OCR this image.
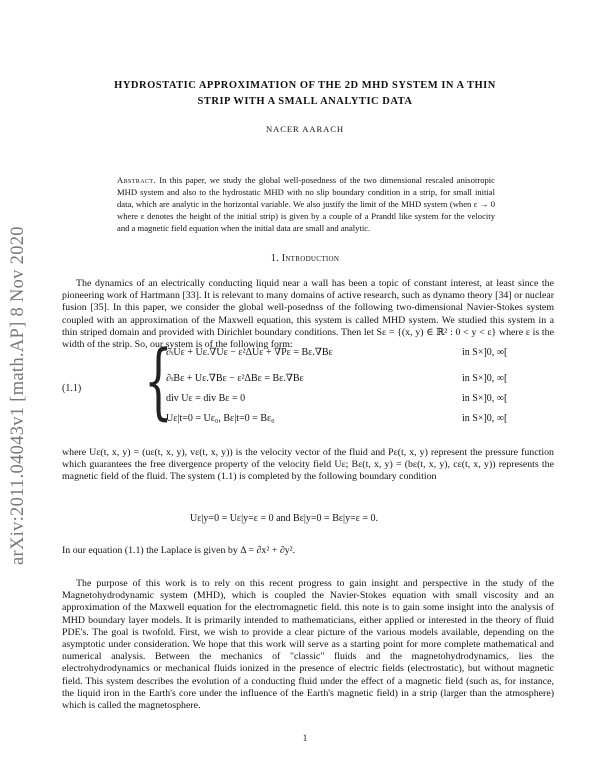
arXiv:2011.04043v1 [math.AP] 8 Nov 2020
HYDROSTATIC APPROXIMATION OF THE 2D MHD SYSTEM IN A THIN
STRIP WITH A SMALL ANALYTIC DATA
NACER AARACH
Abstract. In this paper, we study the global well-posedness of the two dimensional rescaled anisotropic MHD system and also to the hydrostatic MHD with no slip boundary condition in a strip, for small initial data, which are analytic in the horizontal variable. We also justify the limit of the MHD system (when ε → 0 where ε denotes the height of the initial strip) is given by a couple of a Prandtl like system for the velocity and a magnetic field equation when the initial data are small and analytic.
1. Introduction
The dynamics of an electrically conducting liquid near a wall has been a topic of constant interest, at least since the pioneering work of Hartmann [33]. It is relevant to many domains of active research, such as dynamo theory [34] or nuclear fusion [35]. In this paper, we consider the global well-posednss of the following two-dimensional Navier-Stokes system coupled with an approximation of the Maxwell equation, this system is called MHD system. We studied this system in a thin striped domain and provided with Dirichlet boundary conditions. Then let Sε = {(x, y) ∈ ℝ² : 0 < y < ε} where ε is the width of the strip. So, our system is of the following form:
(1.1) {
∂ₜUε + Uε.∇Uε − ε²ΔUε + ∇Pε = Bε.∇Bε	in S×]0, ∞[
∂ₜBε + Uε.∇Bε − ε²ΔBε = Bε.∇Bε	in S×]0, ∞[
div Uε = div Bε = 0	in S×]0, ∞[
Uε|t=0 = Uε₀, Bε|t=0 = Bε₀	in S×]0, ∞[
where Uε(t, x, y) = (uε(t, x, y), vε(t, x, y)) is the velocity vector of the fluid and Pε(t, x, y) represent the pressure function which guarantees the free divergence property of the velocity field Uε; Bε(t, x, y) = (bε(t, x, y), cε(t, x, y)) represents the magnetic field of the fluid. The system (1.1) is completed by the following boundary condition
Uε|y=0 = Uε|y=ε = 0 and Bε|y=0 = Bε|y=ε = 0.
In our equation (1.1) the Laplace is given by Δ = ∂x² + ∂y².
The purpose of this work is to rely on this recent progress to gain insight and perspective in the study of the Magnetohydrodynamic system (MHD), which is coupled the Navier-Stokes equation with small viscosity and an approximation of the Maxwell equation for the electromagnetic field. this note is to gain some insight into the analysis of MHD boundary layer models. It is primarily intended to mathematicians, either applied or interested in the theory of fluid PDE's. The goal is twofold. First, we wish to provide a clear picture of the various models available, depending on the asymptotic under consideration. We hope that this work will serve as a starting point for more complete mathematical and numerical analysis. Between the mechanics of "classic" fluids and the magnetohydrodynamics, lies the electrohydrodynamics or mechanical fluids ionized in the presence of electric fields (electrostatic), but without magnetic field. This system describes the evolution of a conducting fluid under the effect of a magnetic field (such as, for instance, the liquid iron in the Earth's core under the influence of the Earth's magnetic field) in a strip (larger than the atmosphere) which is called the magnetosphere.
1
